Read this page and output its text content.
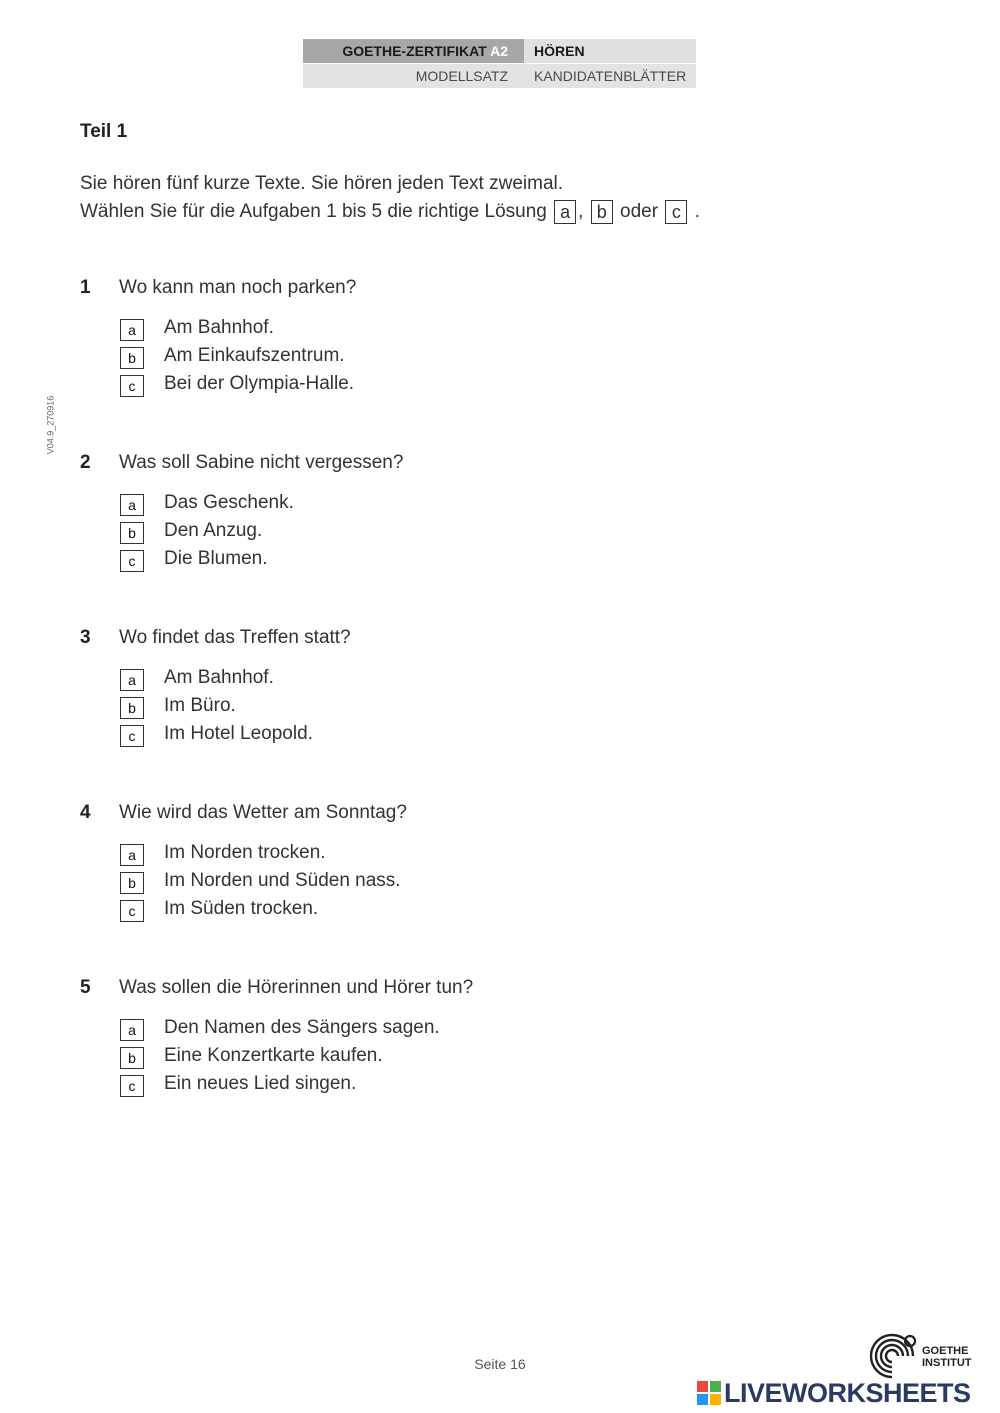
GOETHE-ZERTIFIKAT A2	HÖREN
MODELLSATZ	KANDIDATENBLÄTTER
V04.9_270916
Teil 1
Sie hören fünf kurze Texte. Sie hören jeden Text zweimal.
Wählen Sie für die Aufgaben 1 bis 5 die richtige Lösung a , b oder c .
1 Wo kann man noch parken?
a	Am Bahnhof.
b	Am Einkaufszentrum.
c	Bei der Olympia-Halle.
2 Was soll Sabine nicht vergessen?
a	Das Geschenk.
b	Den Anzug.
c	Die Blumen.
3 Wo findet das Treffen statt?
a	Am Bahnhof.
b	Im Büro.
c	Im Hotel Leopold.
4 Wie wird das Wetter am Sonntag?
a	Im Norden trocken.
b	Im Norden und Süden nass.
c	Im Süden trocken.
5 Was sollen die Hörerinnen und Hörer tun?
a	Den Namen des Sängers sagen.
b	Eine Konzertkarte kaufen.
c	Ein neues Lied singen.
Seite 16
GOETHE
INSTITUT
LIVEWORKSHEETS
